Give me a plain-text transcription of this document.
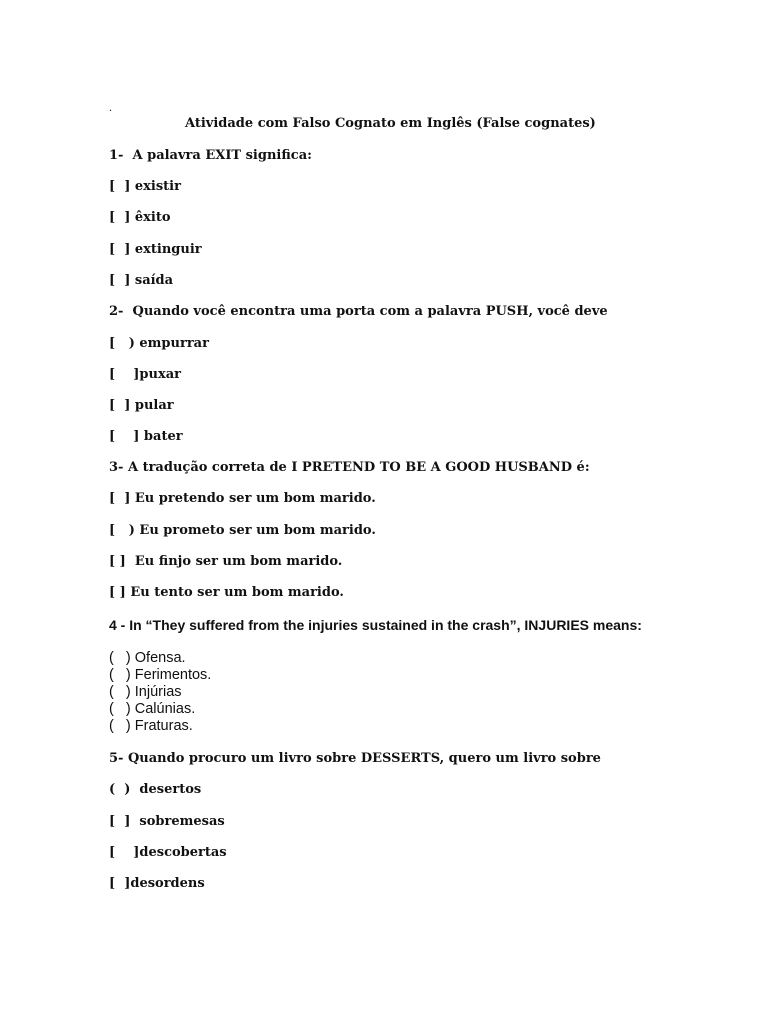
.
Atividade com Falso Cognato em Inglês (False cognates)
1-  A palavra EXIT significa:
[  ] existir
[  ] êxito
[  ] extinguir
[  ] saída
2-  Quando você encontra uma porta com a palavra PUSH, você deve
[   ) empurrar
[    ]puxar
[  ] pular
[    ] bater
3- A tradução correta de I PRETEND TO BE A GOOD HUSBAND é:
[  ] Eu pretendo ser um bom marido.
[   ) Eu prometo ser um bom marido.
[ ]  Eu finjo ser um bom marido.
[ ] Eu tento ser um bom marido.
4 - In “They suffered from the injuries sustained in the crash”, INJURIES means:
(   ) Ofensa.
(   ) Ferimentos.
(   ) Injúrias
(   ) Calúnias.
(   ) Fraturas.
5- Quando procuro um livro sobre DESSERTS, quero um livro sobre
(  )  desertos
[  ]  sobremesas
[    ]descobertas
[  ]desordens
